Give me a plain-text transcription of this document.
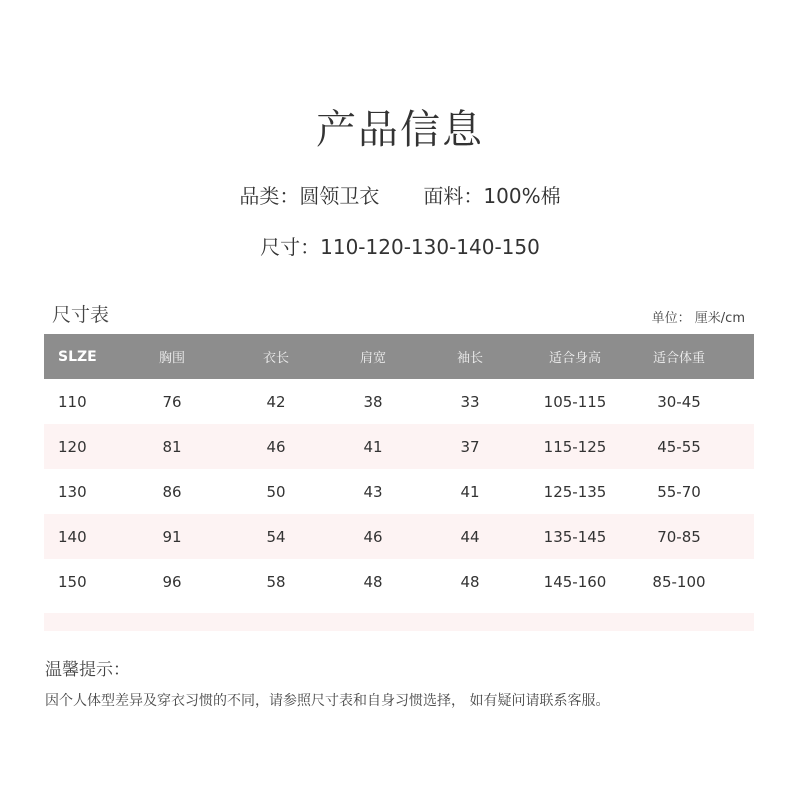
产品信息
品类：圆领卫衣 面料：100%棉
尺寸：110-120-130-140-150
尺寸表	单位： 厘米/cm
SLZE	胸围	衣长	肩宽	袖长	适合身高	适合体重
110	76	42	38	33	105-115	30-45
120	81	46	41	37	115-125	45-55
130	86	50	43	41	125-135	55-70
140	91	54	46	44	135-145	70-85
150	96	58	48	48	145-160	85-100
温馨提示：
因个人体型差异及穿衣习惯的不同，请参照尺寸表和自身习惯选择， 如有疑问请联系客服。
